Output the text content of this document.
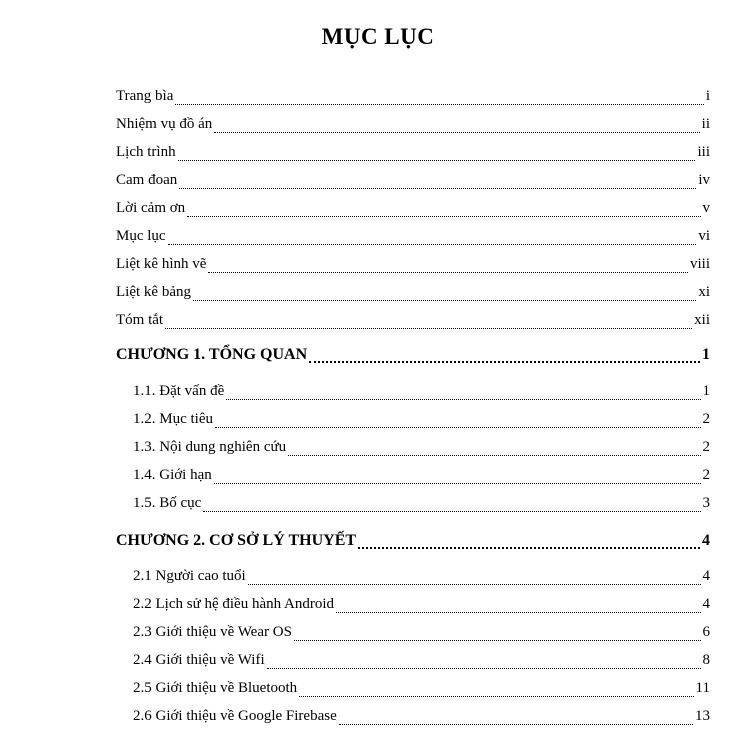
MỤC LỤC
Trang bìa	i
Nhiệm vụ đồ án	ii
Lịch trình	iii
Cam đoan	iv
Lời cảm ơn	v
Mục lục	vi
Liệt kê hình vẽ	viii
Liệt kê bảng	xi
Tóm tắt	xii
CHƯƠNG 1. TỔNG QUAN	1
1.1. Đặt vấn đề	1
1.2. Mục tiêu	2
1.3. Nội dung nghiên cứu	2
1.4. Giới hạn	2
1.5. Bố cục	3
CHƯƠNG 2. CƠ SỞ LÝ THUYẾT	4
2.1 Người cao tuổi	4
2.2 Lịch sử hệ điều hành Android	4
2.3 Giới thiệu về Wear OS	6
2.4 Giới thiệu về Wifi	8
2.5 Giới thiệu về Bluetooth	11
2.6 Giới thiệu về Google Firebase	13
